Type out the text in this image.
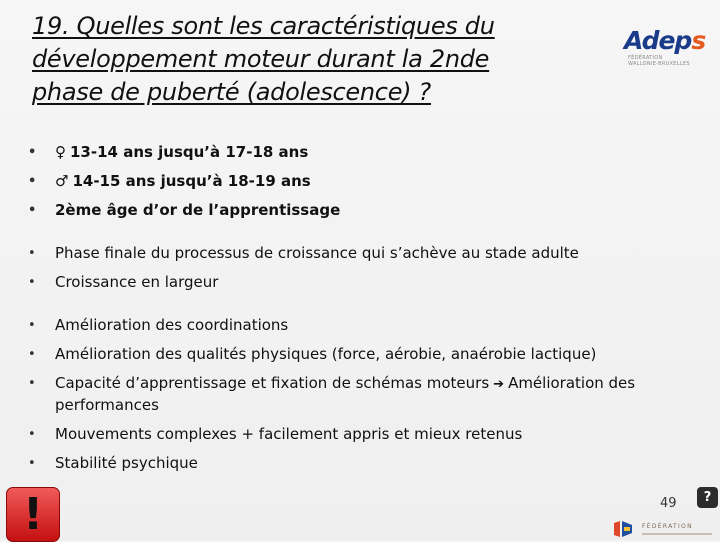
19. Quelles sont les caractéristiques du développement moteur durant la 2nde phase de puberté (adolescence) ?
Adeps
FÉDÉRATION
WALLONIE-BRUXELLES
• ♀ 13-14 ans jusqu’à 17-18 ans
• ♂ 14-15 ans jusqu’à 18-19 ans
• 2ème âge d’or de l’apprentissage
• Phase finale du processus de croissance qui s’achève au stade adulte
• Croissance en largeur
• Amélioration des coordinations
• Amélioration des qualités physiques (force, aérobie, anaérobie lactique)
• Capacité d’apprentissage et fixation de schémas moteurs ➔ Amélioration des performances
• Mouvements complexes + facilement appris et mieux retenus
• Stabilité psychique
!	49	?
FÉDÉRATION
